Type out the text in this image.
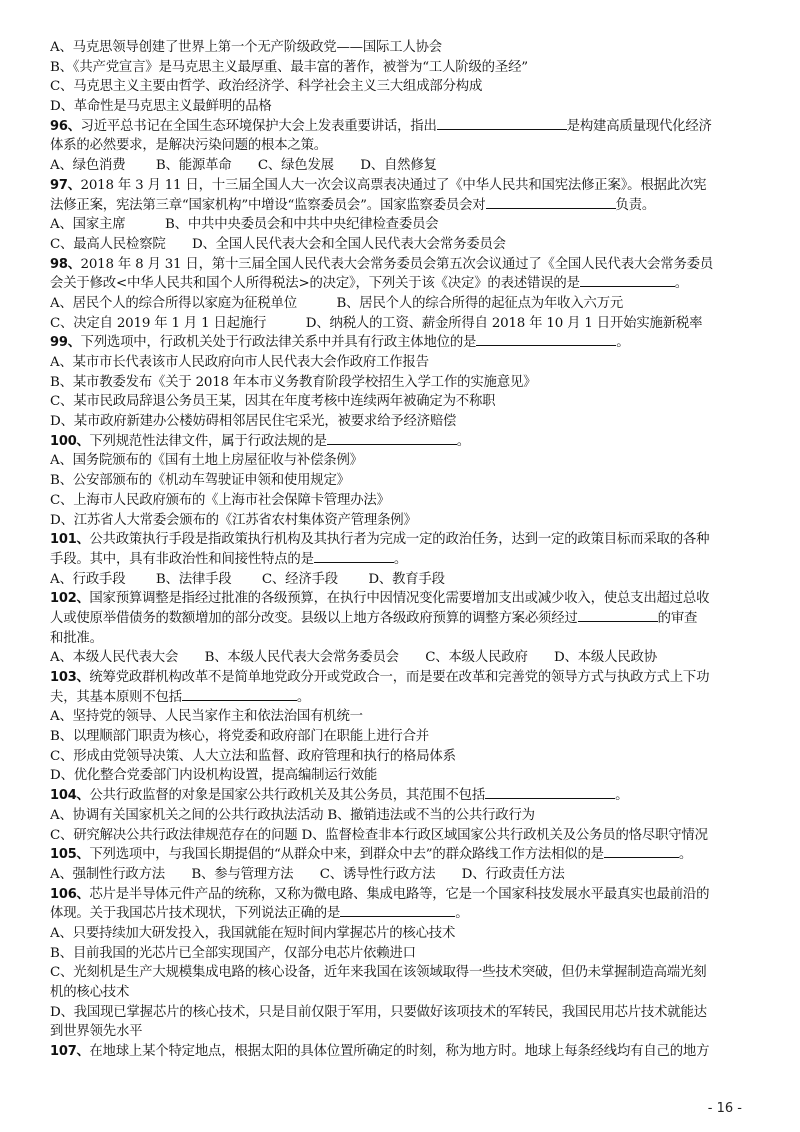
A、马克思领导创建了世界上第一个无产阶级政党——国际工人协会
B、《共产党宣言》是马克思主义最厚重、最丰富的著作，被誉为“工人阶级的圣经”
C、马克思主义主要由哲学、政治经济学、科学社会主义三大组成部分构成
D、革命性是马克思主义最鲜明的品格
96、习近平总书记在全国生态环境保护大会上发表重要讲话，指出	是构建高质量现代化经济
体系的必然要求，是解决污染问题的根本之策。
A、绿色消费　　 B、能源革命　　C、绿色发展　　D、自然修复
97、2018 年 3 月 11 日，十三届全国人大一次会议高票表决通过了《中华人民共和国宪法修正案》。根据此次宪
法修正案，宪法第三章“国家机构”中增设“监察委员会”。国家监察委员会对	负责。
A、国家主席　　　B、中共中央委员会和中共中央纪律检查委员会
C、最高人民检察院　　D、全国人民代表大会和全国人民代表大会常务委员会
98、2018 年 8 月 31 日，第十三届全国人民代表大会常务委员会第五次会议通过了《全国人民代表大会常务委员
会关于修改<中华人民共和国个人所得税法>的决定》，下列关于该《决定》的表述错误的是	。
A、居民个人的综合所得以家庭为征税单位　　　B、居民个人的综合所得的起征点为年收入六万元
C、决定自 2019 年 1 月 1 日起施行　　　D、纳税人的工资、薪金所得自 2018 年 10 月 1 日开始实施新税率
99、下列选项中，行政机关处于行政法律关系中并具有行政主体地位的是	。
A、某市市长代表该市人民政府向市人民代表大会作政府工作报告
B、某市教委发布《关于 2018 年本市义务教育阶段学校招生入学工作的实施意见》
C、某市民政局辞退公务员王某，因其在年度考核中连续两年被确定为不称职
D、某市政府新建办公楼妨碍相邻居民住宅采光，被要求给予经济赔偿
100、下列规范性法律文件，属于行政法规的是	。
A、国务院颁布的《国有土地上房屋征收与补偿条例》
B、公安部颁布的《机动车驾驶证申领和使用规定》
C、上海市人民政府颁布的《上海市社会保障卡管理办法》
D、江苏省人大常委会颁布的《江苏省农村集体资产管理条例》
101、公共政策执行手段是指政策执行机构及其执行者为完成一定的政治任务，达到一定的政策目标而采取的各种
手段。其中，具有非政治性和间接性特点的是	。
A、行政手段　　 B、法律手段　　 C、经济手段　　 D、教育手段
102、国家预算调整是指经过批准的各级预算，在执行中因情况变化需要增加支出或减少收入，使总支出超过总收
人或使原举借债务的数额增加的部分改变。县级以上地方各级政府预算的调整方案必须经过	的审查
和批准。
A、本级人民代表大会　　B、本级人民代表大会常务委员会　　C、本级人民政府　　D、本级人民政协
103、统筹党政群机构改革不是简单地党政分开或党政合一，而是要在改革和完善党的领导方式与执政方式上下功
夫，其基本原则不包括	。
A、坚持党的领导、人民当家作主和依法治国有机统一
B、以理顺部门职责为核心，将党委和政府部门在职能上进行合并
C、形成由党领导决策、人大立法和监督、政府管理和执行的格局体系
D、优化整合党委部门内设机构设置，提高编制运行效能
104、公共行政监督的对象是国家公共行政机关及其公务员，其范围不包括	。
A、协调有关国家机关之间的公共行政执法活动 B、撤销违法或不当的公共行政行为
C、研究解决公共行政法律规范存在的问题 D、监督检查非本行政区域国家公共行政机关及公务员的恪尽职守情况
105、下列选项中，与我国长期提倡的“从群众中来，到群众中去”的群众路线工作方法相似的是	。
A、强制性行政方法　　B、参与管理方法　　C、诱导性行政方法　　D、行政责任方法
106、芯片是半导体元件产品的统称，又称为微电路、集成电路等，它是一个国家科技发展水平最真实也最前沿的
体现。关于我国芯片技术现状，下列说法正确的是	。
A、只要持续加大研发投入，我国就能在短时间内掌握芯片的核心技术
B、目前我国的光芯片已全部实现国产，仅部分电芯片依赖进口
C、光刻机是生产大规模集成电路的核心设备，近年来我国在该领域取得一些技术突破，但仍未掌握制造高端光刻
机的核心技术
D、我国现已掌握芯片的核心技术，只是目前仅限于军用，只要做好该项技术的军转民，我国民用芯片技术就能达
到世界领先水平
107、在地球上某个特定地点，根据太阳的具体位置所确定的时刻，称为地方时。地球上每条经线均有自己的地方
- 16 -
